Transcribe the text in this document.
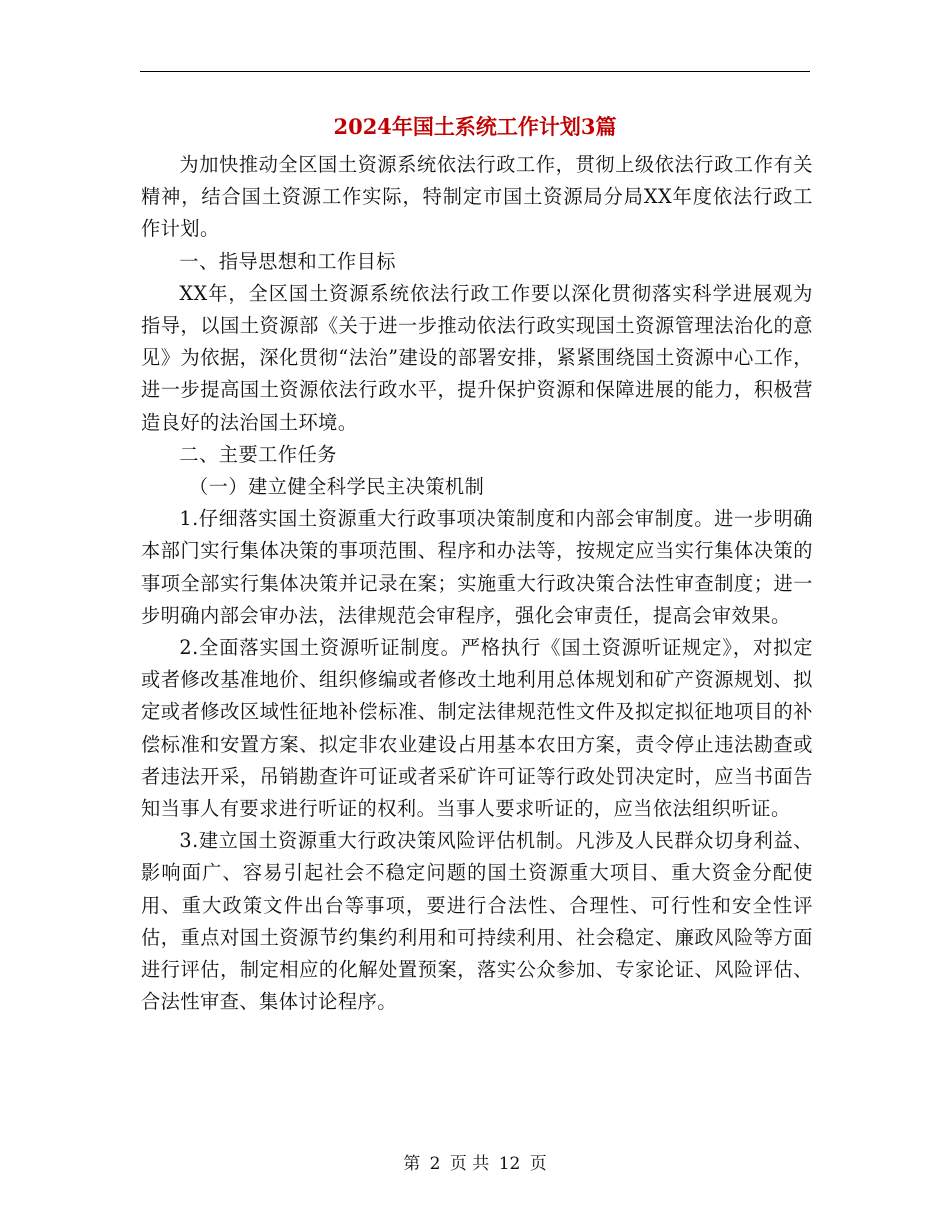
2024年国土系统工作计划3篇

为加快推动全区国土资源系统依法行政工作，贯彻上级依法行政工作有关精神，结合国土资源工作实际，特制定市国土资源局分局XX年度依法行政工作计划。

一、指导思想和工作目标

XX年，全区国土资源系统依法行政工作要以深化贯彻落实科学进展观为指导，以国土资源部《关于进一步推动依法行政实现国土资源管理法治化的意见》为依据，深化贯彻“法治”建设的部署安排，紧紧围绕国土资源中心工作，进一步提高国土资源依法行政水平，提升保护资源和保障进展的能力，积极营造良好的法治国土环境。

二、主要工作任务

（一）建立健全科学民主决策机制

1.仔细落实国土资源重大行政事项决策制度和内部会审制度。进一步明确本部门实行集体决策的事项范围、程序和办法等，按规定应当实行集体决策的事项全部实行集体决策并记录在案；实施重大行政决策合法性审查制度；进一步明确内部会审办法，法律规范会审程序，强化会审责任，提高会审效果。

2.全面落实国土资源听证制度。严格执行《国土资源听证规定》，对拟定或者修改基准地价、组织修编或者修改土地利用总体规划和矿产资源规划、拟定或者修改区域性征地补偿标准、制定法律规范性文件及拟定拟征地项目的补偿标准和安置方案、拟定非农业建设占用基本农田方案，责令停止违法勘查或者违法开采，吊销勘查许可证或者采矿许可证等行政处罚决定时，应当书面告知当事人有要求进行听证的权利。当事人要求听证的，应当依法组织听证。

3.建立国土资源重大行政决策风险评估机制。凡涉及人民群众切身利益、影响面广、容易引起社会不稳定问题的国土资源重大项目、重大资金分配使用、重大政策文件出台等事项，要进行合法性、合理性、可行性和安全性评估，重点对国土资源节约集约利用和可持续利用、社会稳定、廉政风险等方面进行评估，制定相应的化解处置预案，落实公众参加、专家论证、风险评估、合法性审查、集体讨论程序。

第 2 页 共 12 页
